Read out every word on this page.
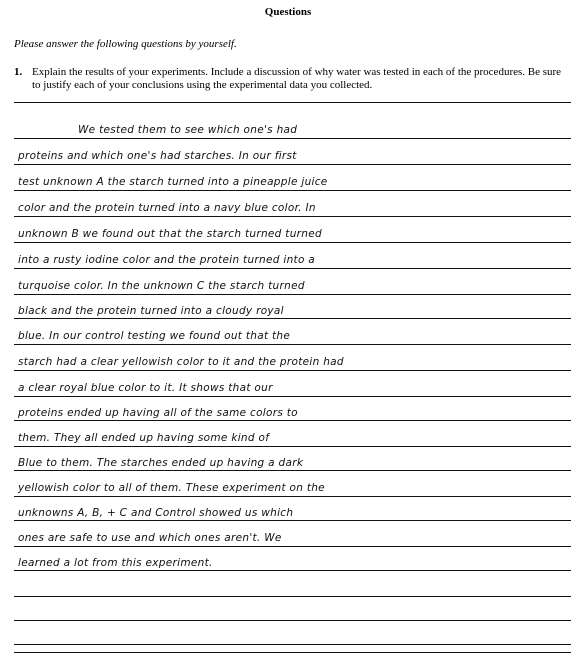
Questions
Please answer the following questions by yourself.
1. Explain the results of your experiments. Include a discussion of why water was tested in each of the procedures. Be sure to justify each of your conclusions using the experimental data you collected.
We tested them to see which one's had
proteins and which one's had starches. In our first
test unknown A the starch turned into a pineapple juice
color and the protein turned into a navy blue color. In
unknown B we found out that the starch turned turned
into a rusty iodine color and the protein turned into a
turquoise color. In the unknown C the starch turned
black and the protein turned into a cloudy royal
blue. In our control testing we found out that the
starch had a clear yellowish color to it and the protein had
a clear royal blue color to it. It shows that our
proteins ended up having all of the same colors to
them. They all ended up having some kind of
Blue to them. The starches ended up having a dark
yellowish color to all of them. These experiment on the
unknowns A, B, + C and Control showed us which
ones are safe to use and which ones aren't. We
learned a lot from this experiment.
